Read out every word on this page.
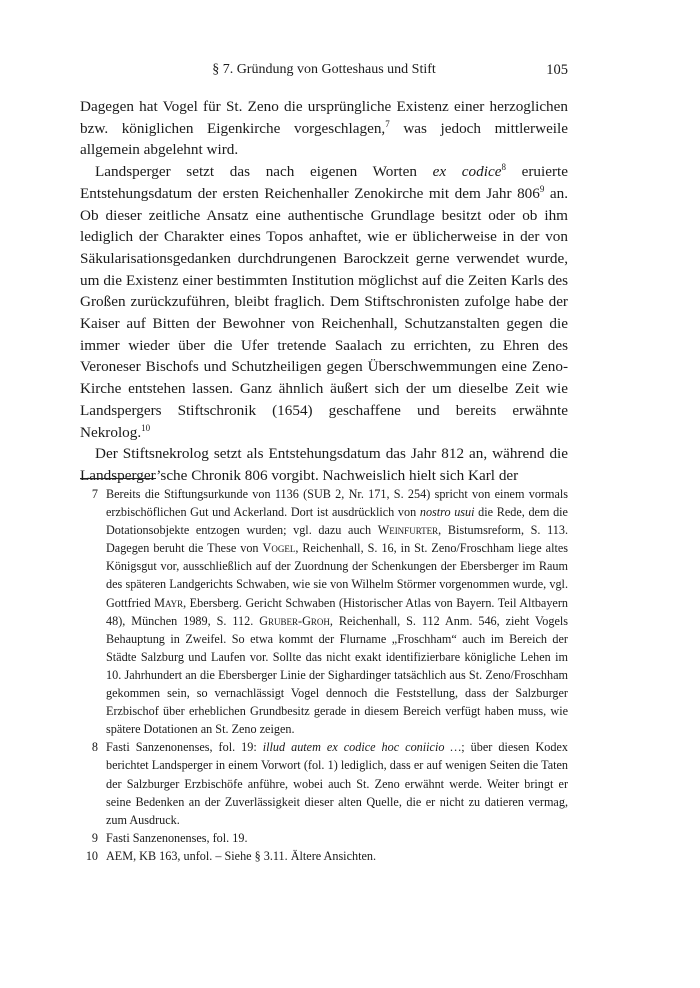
§ 7. Gründung von Gotteshaus und Stift	105

Dagegen hat Vogel für St. Zeno die ursprüngliche Existenz einer herzoglichen bzw. königlichen Eigenkirche vorgeschlagen,$^7$ was jedoch mittlerweile allgemein abgelehnt wird.

Landsperger setzt das nach eigenen Worten ex codice$^8$ eruierte Entstehungsdatum der ersten Reichenhaller Zenokirche mit dem Jahr $806^9$ an. Ob dieser zeitliche Ansatz eine authentische Grundlage besitzt oder ob ihm lediglich der Charakter eines Topos anhaftet, wie er üblicherweise in der von Säkularisationsgedanken durchdrungenen Barockzeit gerne verwendet wurde, um die Existenz einer bestimmten Institution möglichst auf die Zeiten Karls des Großen zurückzuführen, bleibt fraglich. Dem Stiftschronisten zufolge habe der Kaiser auf Bitten der Bewohner von Reichenhall, Schutzanstalten gegen die immer wieder über die Ufer tretende Saalach zu errichten, zu Ehren des Veroneser Bischofs und Schutzheiligen gegen Überschwemmungen eine Zeno-Kirche entstehen lassen. Ganz ähnlich äußert sich der um dieselbe Zeit wie Landspergers Stiftschronik (1654) geschaffene und bereits erwähnte Nekrolog.$^{10}$

Der Stiftsnekrolog setzt als Entstehungsdatum das Jahr 812 an, während die Landsperger’sche Chronik 806 vorgibt. Nachweislich hielt sich Karl der

7 Bereits die Stiftungsurkunde von 1136 (SUB 2, Nr. 171, S. 254) spricht von einem vormals erzbischöflichen Gut und Ackerland. Dort ist ausdrücklich von nostro usui die Rede, dem die Dotationsobjekte entzogen wurden; vgl. dazu auch Weinfurter, Bistumsreform, S. 113. Dagegen beruht die These von Vogel, Reichenhall, S. 16, in St. Zeno/Froschham liege altes Königsgut vor, ausschließlich auf der Zuordnung der Schenkungen der Ebersberger im Raum des späteren Landgerichts Schwaben, wie sie von Wilhelm Störmer vorgenommen wurde, vgl. Gottfried Mayr, Ebersberg. Gericht Schwaben (Historischer Atlas von Bayern. Teil Altbayern 48), München 1989, S. 112. Gruber-Groh, Reichenhall, S. 112 Anm. 546, zieht Vogels Behauptung in Zweifel. So etwa kommt der Flurname „Froschham“ auch im Bereich der Städte Salzburg und Laufen vor. Sollte das nicht exakt identifizierbare königliche Lehen im 10. Jahrhundert an die Ebersberger Linie der Sighardinger tatsächlich aus St. Zeno/Froschham gekommen sein, so vernachlässigt Vogel dennoch die Feststellung, dass der Salzburger Erzbischof über erheblichen Grundbesitz gerade in diesem Bereich verfügt haben muss, wie spätere Dotationen an St. Zeno zeigen.
8 Fasti Sanzenonenses, fol. 19: illud autem ex codice hoc coniicio …; über diesen Kodex berichtet Landsperger in einem Vorwort (fol. 1) lediglich, dass er auf wenigen Seiten die Taten der Salzburger Erzbischöfe anführe, wobei auch St. Zeno erwähnt werde. Weiter bringt er seine Bedenken an der Zuverlässigkeit dieser alten Quelle, die er nicht zu datieren vermag, zum Ausdruck.
9 Fasti Sanzenonenses, fol. 19.
10 AEM, KB 163, unfol. – Siehe § 3.11. Ältere Ansichten.
